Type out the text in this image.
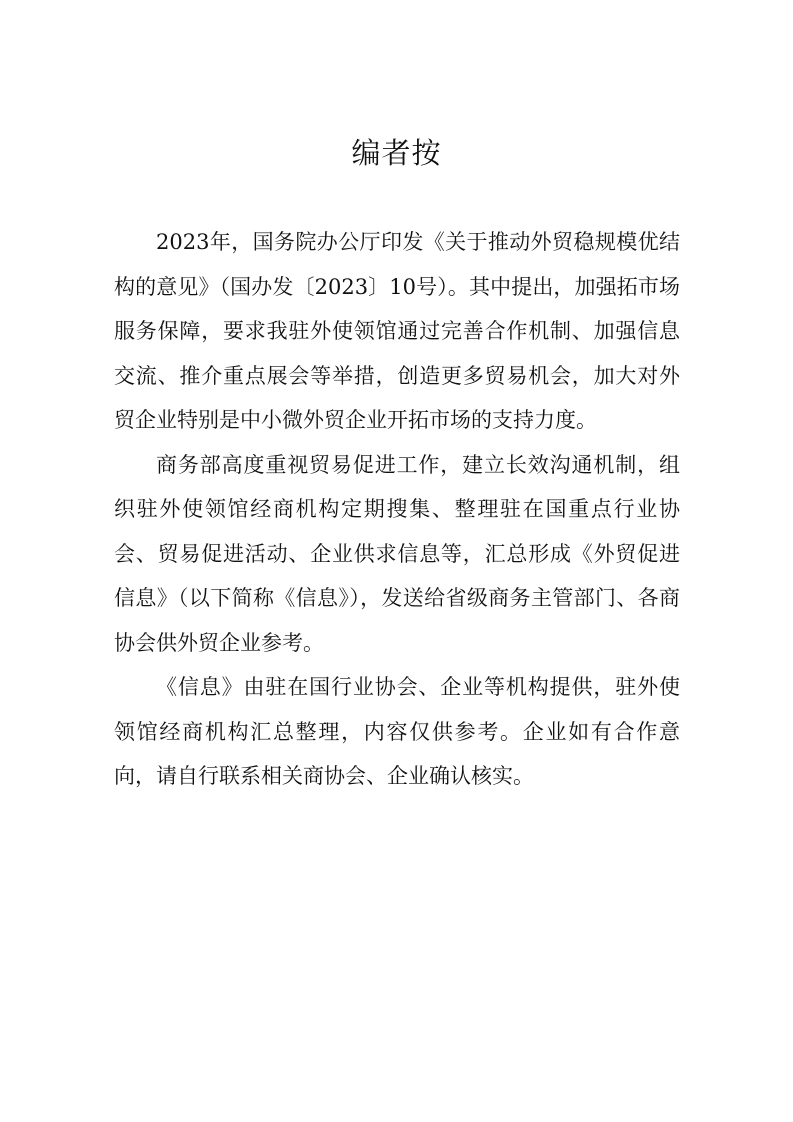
编者按

2023年，国务院办公厅印发《关于推动外贸稳规模优结构的意见》（国办发〔2023〕10号）。其中提出，加强拓市场服务保障，要求我驻外使领馆通过完善合作机制、加强信息交流、推介重点展会等举措，创造更多贸易机会，加大对外贸企业特别是中小微外贸企业开拓市场的支持力度。

商务部高度重视贸易促进工作，建立长效沟通机制，组织驻外使领馆经商机构定期搜集、整理驻在国重点行业协会、贸易促进活动、企业供求信息等，汇总形成《外贸促进信息》（以下简称《信息》），发送给省级商务主管部门、各商协会供外贸企业参考。

《信息》由驻在国行业协会、企业等机构提供，驻外使领馆经商机构汇总整理，内容仅供参考。企业如有合作意向，请自行联系相关商协会、企业确认核实。
